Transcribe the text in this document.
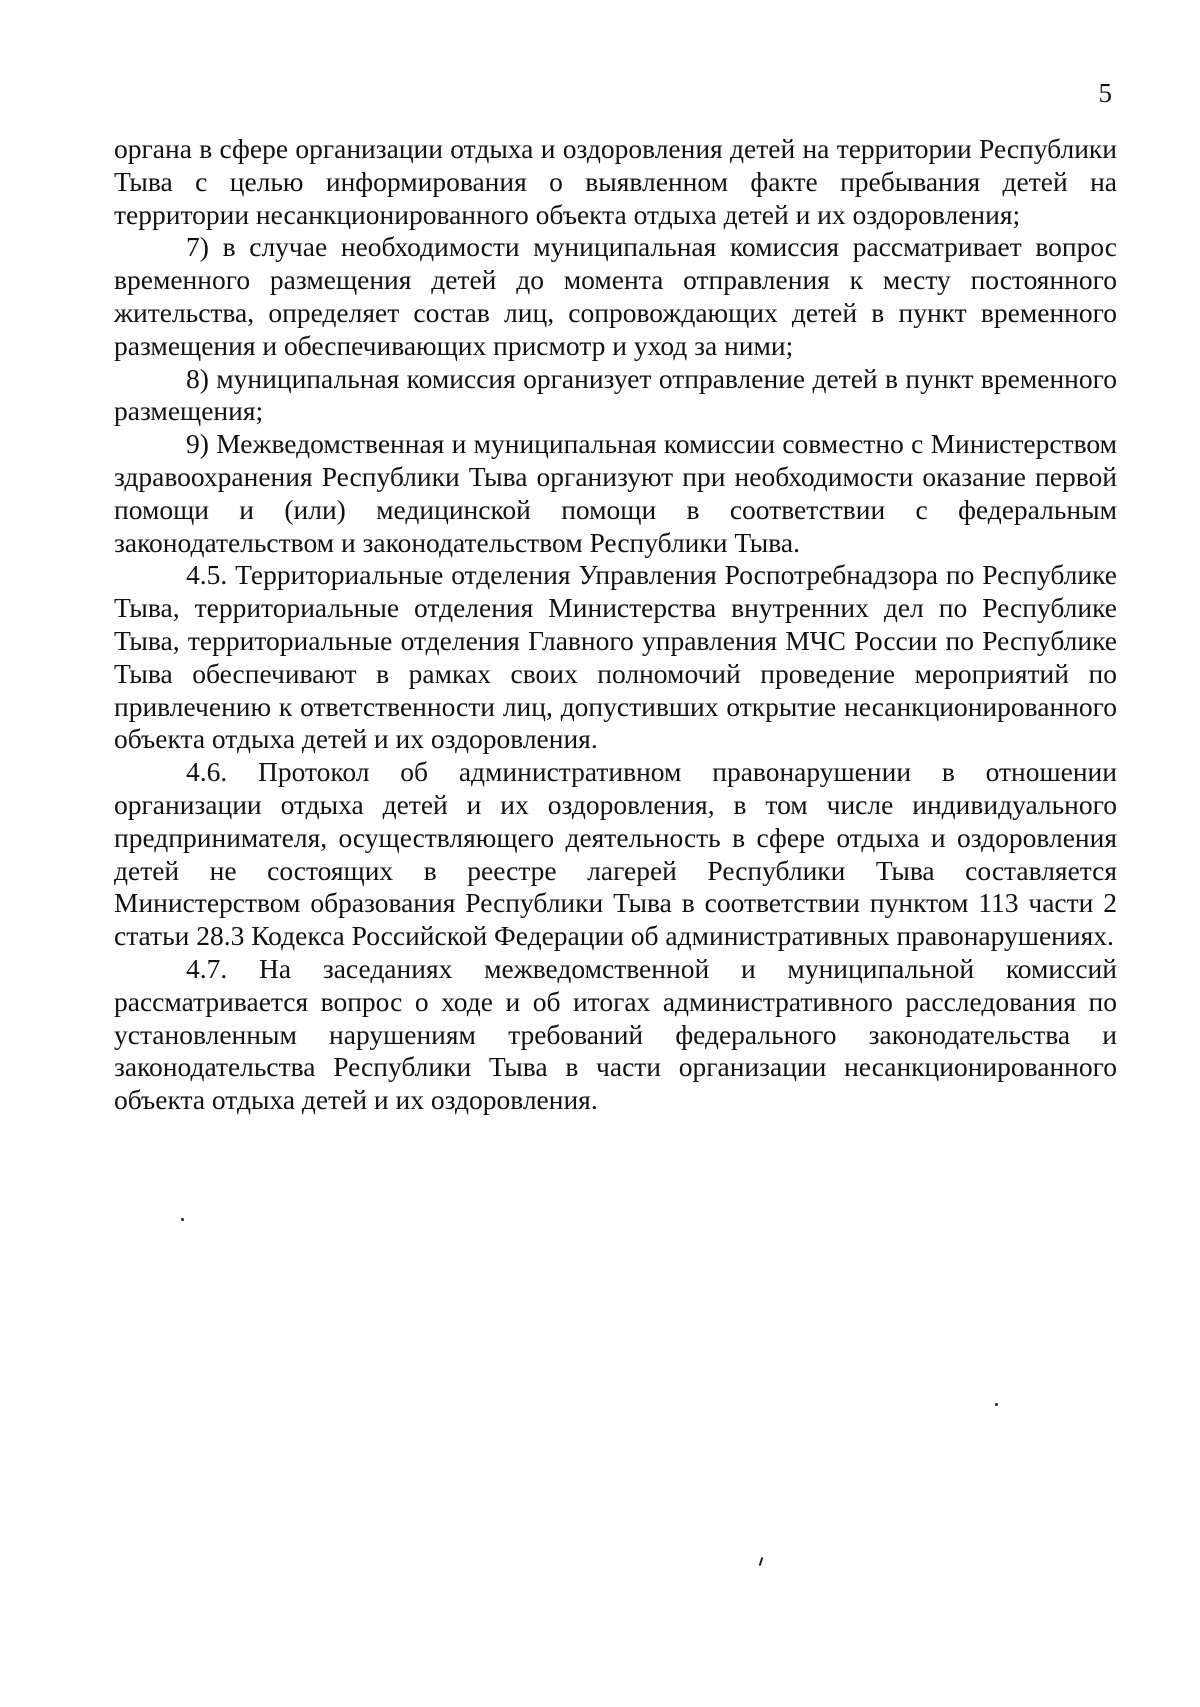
5

органа в сфере организации отдыха и оздоровления детей на территории Республики Тыва с целью информирования о выявленном факте пребывания детей на территории несанкционированного объекта отдыха детей и их оздоровления;

7) в случае необходимости муниципальная комиссия рассматривает вопрос временного размещения детей до момента отправления к месту постоянного жительства, определяет состав лиц, сопровождающих детей в пункт временного размещения и обеспечивающих присмотр и уход за ними;

8) муниципальная комиссия организует отправление детей в пункт временного размещения;

9) Межведомственная и муниципальная комиссии совместно с Министерством здравоохранения Республики Тыва организуют при необходимости оказание первой помощи и (или) медицинской помощи в соответствии с федеральным законодательством и законодательством Республики Тыва.

4.5. Территориальные отделения Управления Роспотребнадзора по Республике Тыва, территориальные отделения Министерства внутренних дел по Республике Тыва, территориальные отделения Главного управления МЧС России по Республике Тыва обеспечивают в рамках своих полномочий проведение мероприятий по привлечению к ответственности лиц, допустивших открытие несанкционированного объекта отдыха детей и их оздоровления.

4.6. Протокол об административном правонарушении в отношении организации отдыха детей и их оздоровления, в том числе индивидуального предпринимателя, осуществляющего деятельность в сфере отдыха и оздоровления детей не состоящих в реестре лагерей Республики Тыва составляется Министерством образования Республики Тыва в соответствии пунктом 113 части 2 статьи 28.3 Кодекса Российской Федерации об административных правонарушениях.

4.7. На заседаниях межведомственной и муниципальной комиссий рассматривается вопрос о ходе и об итогах административного расследования по установленным нарушениям требований федерального законодательства и законодательства Республики Тыва в части организации несанкционированного объекта отдыха детей и их оздоровления.
